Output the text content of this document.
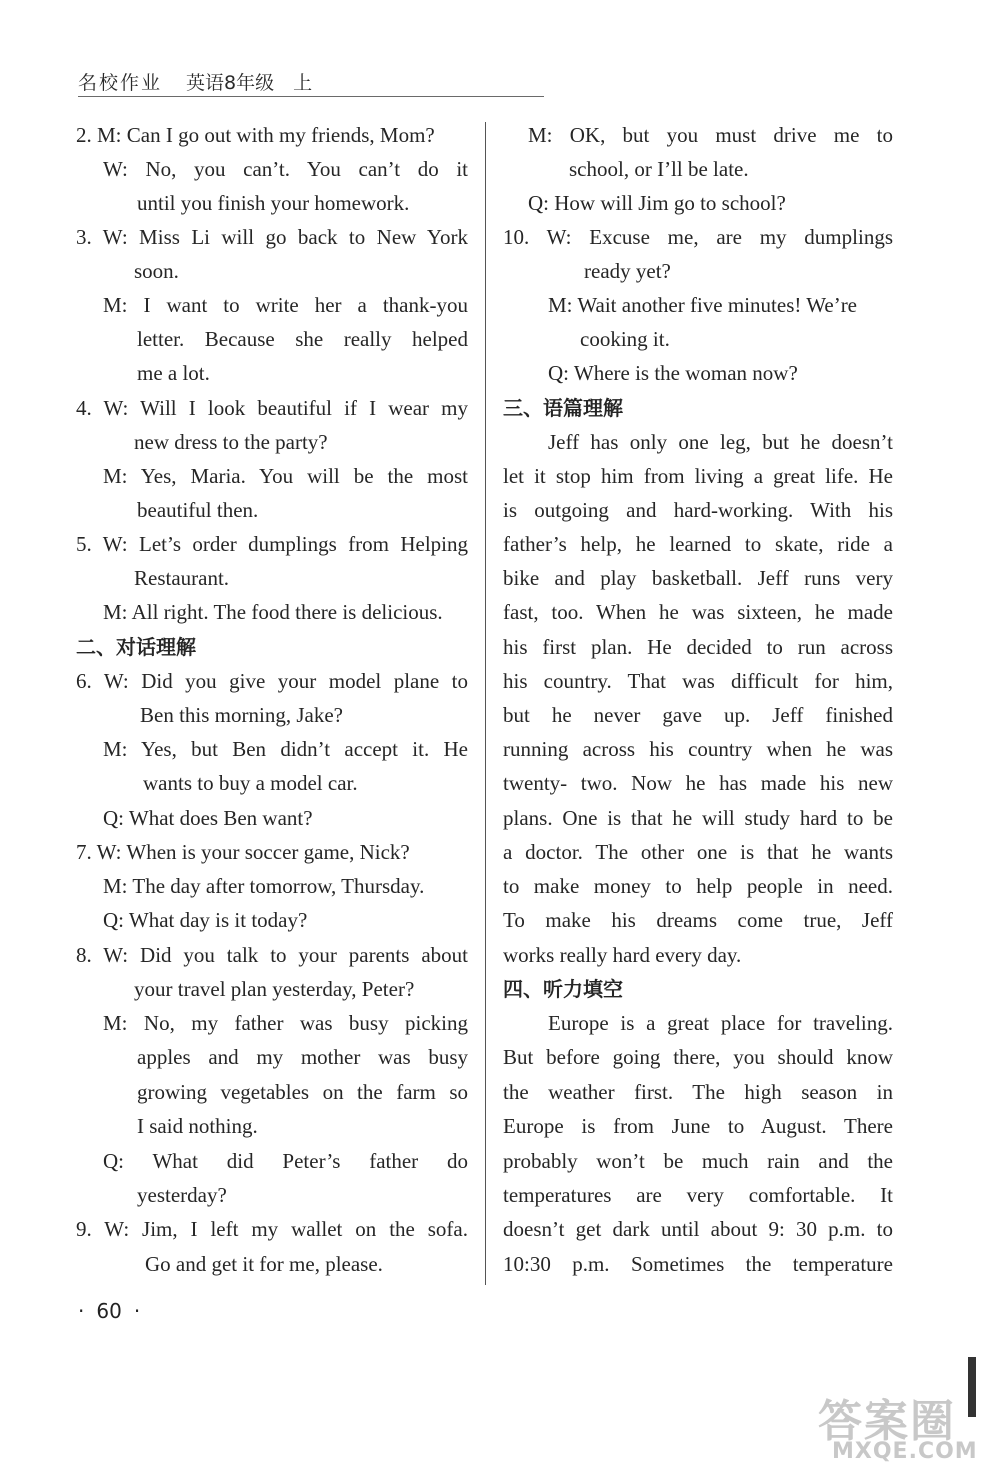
名校作业 英语8年级　上
2. M: Can I go out with my friends, Mom?
W: No, you can’t. You can’t do it
until you finish your homework.
3. W: Miss Li will go back to New York
soon.
M: I want to write her a thank-you
letter. Because she really helped
me a lot.
4. W: Will I look beautiful if I wear my
new dress to the party?
M: Yes, Maria. You will be the most
beautiful then.
5. W: Let’s order dumplings from Helping
Restaurant.
M: All right. The food there is delicious.
二、对话理解
6. W: Did you give your model plane to
Ben this morning, Jake?
M: Yes, but Ben didn’t accept it. He
wants to buy a model car.
Q: What does Ben want?
7. W: When is your soccer game, Nick?
M: The day after tomorrow, Thursday.
Q: What day is it today?
8. W: Did you talk to your parents about
your travel plan yesterday, Peter?
M: No, my father was busy picking
apples and my mother was busy
growing vegetables on the farm so
I said nothing.
Q: What did Peter’s father do
yesterday?
9. W: Jim, I left my wallet on the sofa.
Go and get it for me, please.
M: OK, but you must drive me to
school, or I’ll be late.
Q: How will Jim go to school?
10. W: Excuse me, are my dumplings
ready yet?
M: Wait another five minutes! We’re
cooking it.
Q: Where is the woman now?
三、语篇理解
Jeff has only one leg, but he doesn’t
let it stop him from living a great life. He
is outgoing and hard-working. With his
father’s help, he learned to skate, ride a
bike and play basketball. Jeff runs very
fast, too. When he was sixteen, he made
his first plan. He decided to run across
his country. That was difficult for him,
but he never gave up. Jeff finished
running across his country when he was
twenty- two. Now he has made his new
plans. One is that he will study hard to be
a doctor. The other one is that he wants
to make money to help people in need.
To make his dreams come true, Jeff
works really hard every day.
四、听力填空
Europe is a great place for traveling.
But before going there, you should know
the weather first. The high season in
Europe is from June to August. There
probably won’t be much rain and the
temperatures are very comfortable. It
doesn’t get dark until about 9: 30 p.m. to
10:30 p.m. Sometimes the temperature
· 60 ·
答案圈
MXQE.COM
